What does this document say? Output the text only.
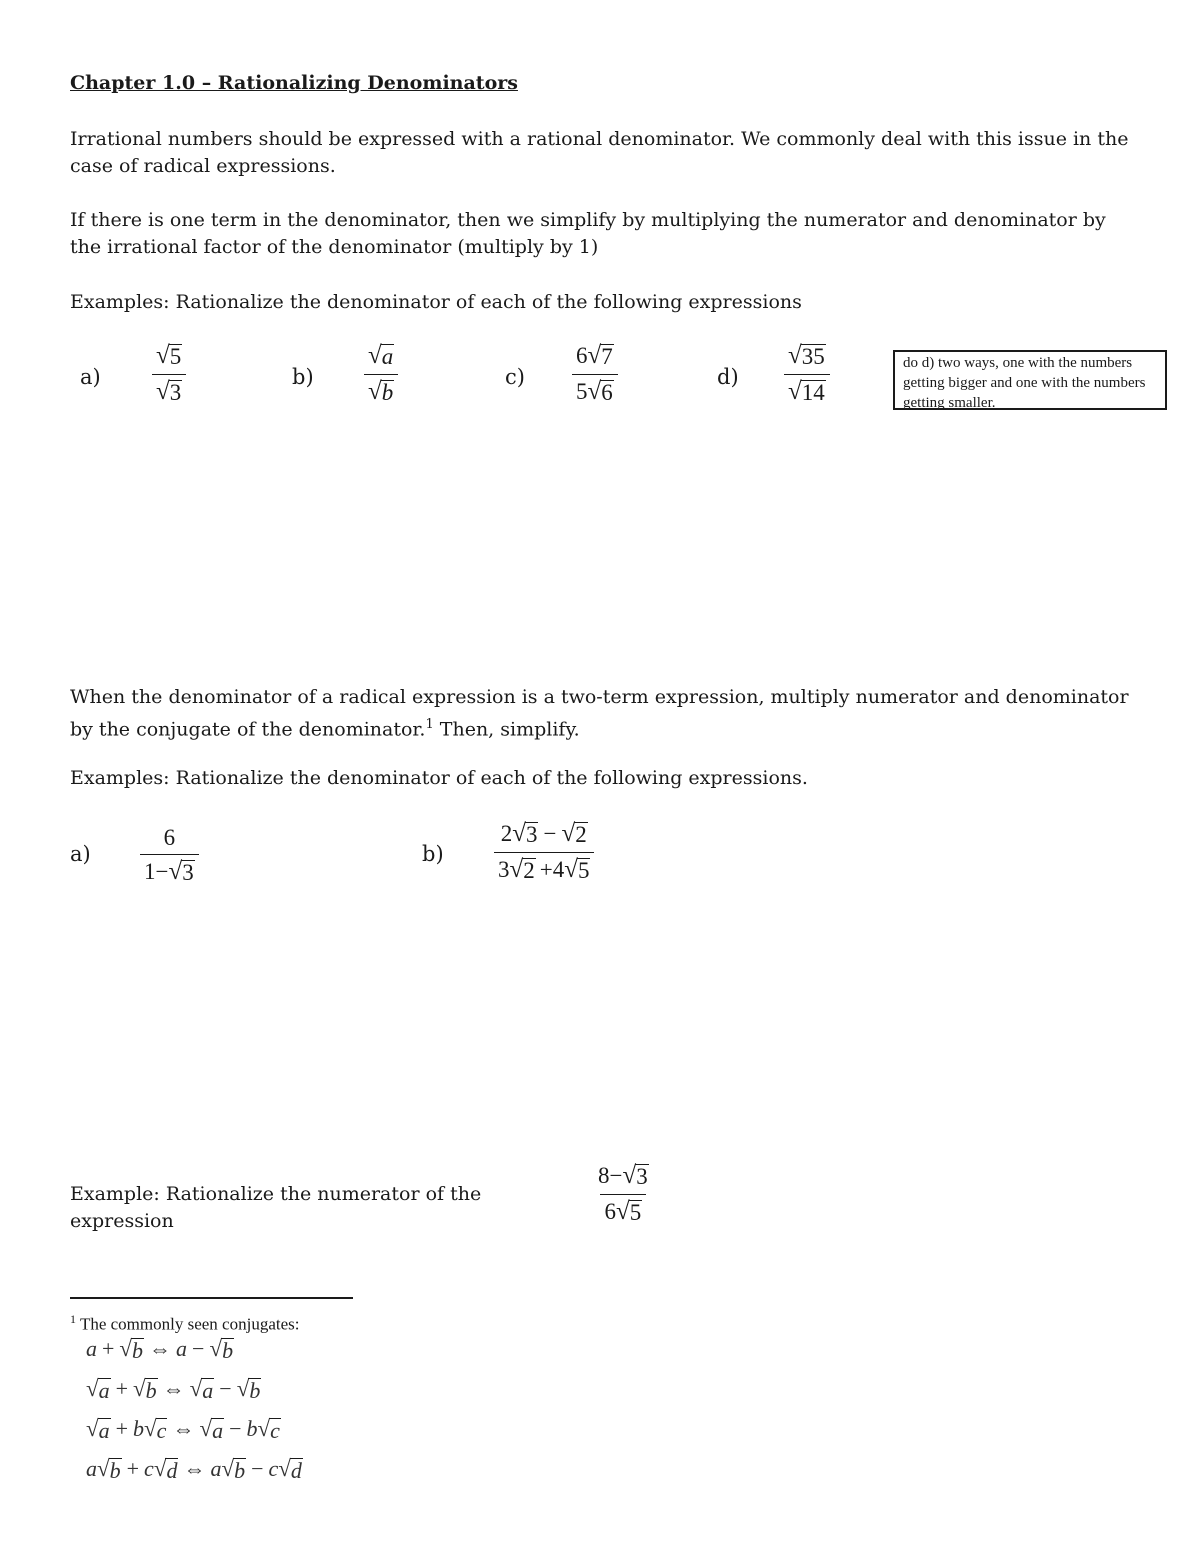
Chapter 1.0 – Rationalizing Denominators
Irrational numbers should be expressed with a rational denominator. We commonly deal with this issue in the case of radical expressions.
If there is one term in the denominator, then we simplify by multiplying the numerator and denominator by the irrational factor of the denominator (multiply by 1)
Examples: Rationalize the denominator of each of the following expressions
$a) \frac{√ 5}{√ 3}$	$b) \frac{√ a}{√ b}$	$c) \frac{6 √ 7}{5 √ 6}$	$d) \frac{√ 35}{√ 14}$	do d) two ways, one with the numbers getting bigger and one with the numbers getting smaller.
When the denominator of a radical expression is a two-term expression, multiply numerator and denominator by the conjugate of the denominator.$^1$ Then, simplify.
Examples: Rationalize the denominator of each of the following expressions.
$a) \frac{6}{1- √ 3}$	$b) \frac{2 √ 3 - √ 2}{3 √ 2 +4 √ 5}$
Example: Rationalize the numerator of the expression	$\frac{8- √ 3}{6 √ 5}$
$^1$ The commonly seen conjugates:
a + √ b ⇔ a − √ b
√ a + √ b ⇔ √ a − √ b
√ a + b √ c ⇔ √ a − b √ c
a √ b + c √ d ⇔ a √ b − c √ d
